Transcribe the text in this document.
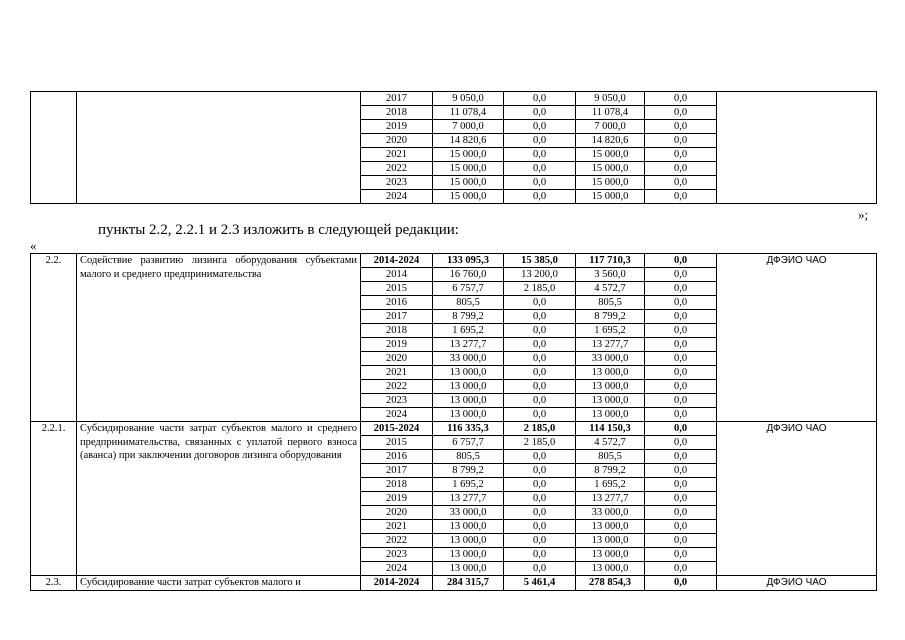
		2017	9 050,0	0,0	9 050,0	0,0	
		2018	11 078,4	0,0	11 078,4	0,0	
		2019	7 000,0	0,0	7 000,0	0,0	
		2020	14 820,6	0,0	14 820,6	0,0	
		2021	15 000,0	0,0	15 000,0	0,0	
		2022	15 000,0	0,0	15 000,0	0,0	
		2023	15 000,0	0,0	15 000,0	0,0	
		2024	15 000,0	0,0	15 000,0	0,0	
»;
пункты 2.2, 2.2.1 и 2.3 изложить в следующей редакции:
«
2.2.	Содействие развитию лизинга оборудования субъектами малого и среднего предпринимательства	2014-2024	133 095,3	15 385,0	117 710,3	0,0	ДФЭИО ЧАО
		2014	16 760,0	13 200,0	3 560,0	0,0	
		2015	6 757,7	2 185,0	4 572,7	0,0	
		2016	805,5	0,0	805,5	0,0	
		2017	8 799,2	0,0	8 799,2	0,0	
		2018	1 695,2	0,0	1 695,2	0,0	
		2019	13 277,7	0,0	13 277,7	0,0	
		2020	33 000,0	0,0	33 000,0	0,0	
		2021	13 000,0	0,0	13 000,0	0,0	
		2022	13 000,0	0,0	13 000,0	0,0	
		2023	13 000,0	0,0	13 000,0	0,0	
		2024	13 000,0	0,0	13 000,0	0,0	
2.2.1.	Субсидирование части затрат субъектов малого и среднего предпринимательства, связанных с уплатой первого взноса (аванса) при заключении договоров лизинга оборудования	2015-2024	116 335,3	2 185,0	114 150,3	0,0	ДФЭИО ЧАО
		2015	6 757,7	2 185,0	4 572,7	0,0	
		2016	805,5	0,0	805,5	0,0	
		2017	8 799,2	0,0	8 799,2	0,0	
		2018	1 695,2	0,0	1 695,2	0,0	
		2019	13 277,7	0,0	13 277,7	0,0	
		2020	33 000,0	0,0	33 000,0	0,0	
		2021	13 000,0	0,0	13 000,0	0,0	
		2022	13 000,0	0,0	13 000,0	0,0	
		2023	13 000,0	0,0	13 000,0	0,0	
		2024	13 000,0	0,0	13 000,0	0,0	
2.3.	Субсидирование части затрат субъектов малого и	2014-2024	284 315,7	5 461,4	278 854,3	0,0	ДФЭИО ЧАО
